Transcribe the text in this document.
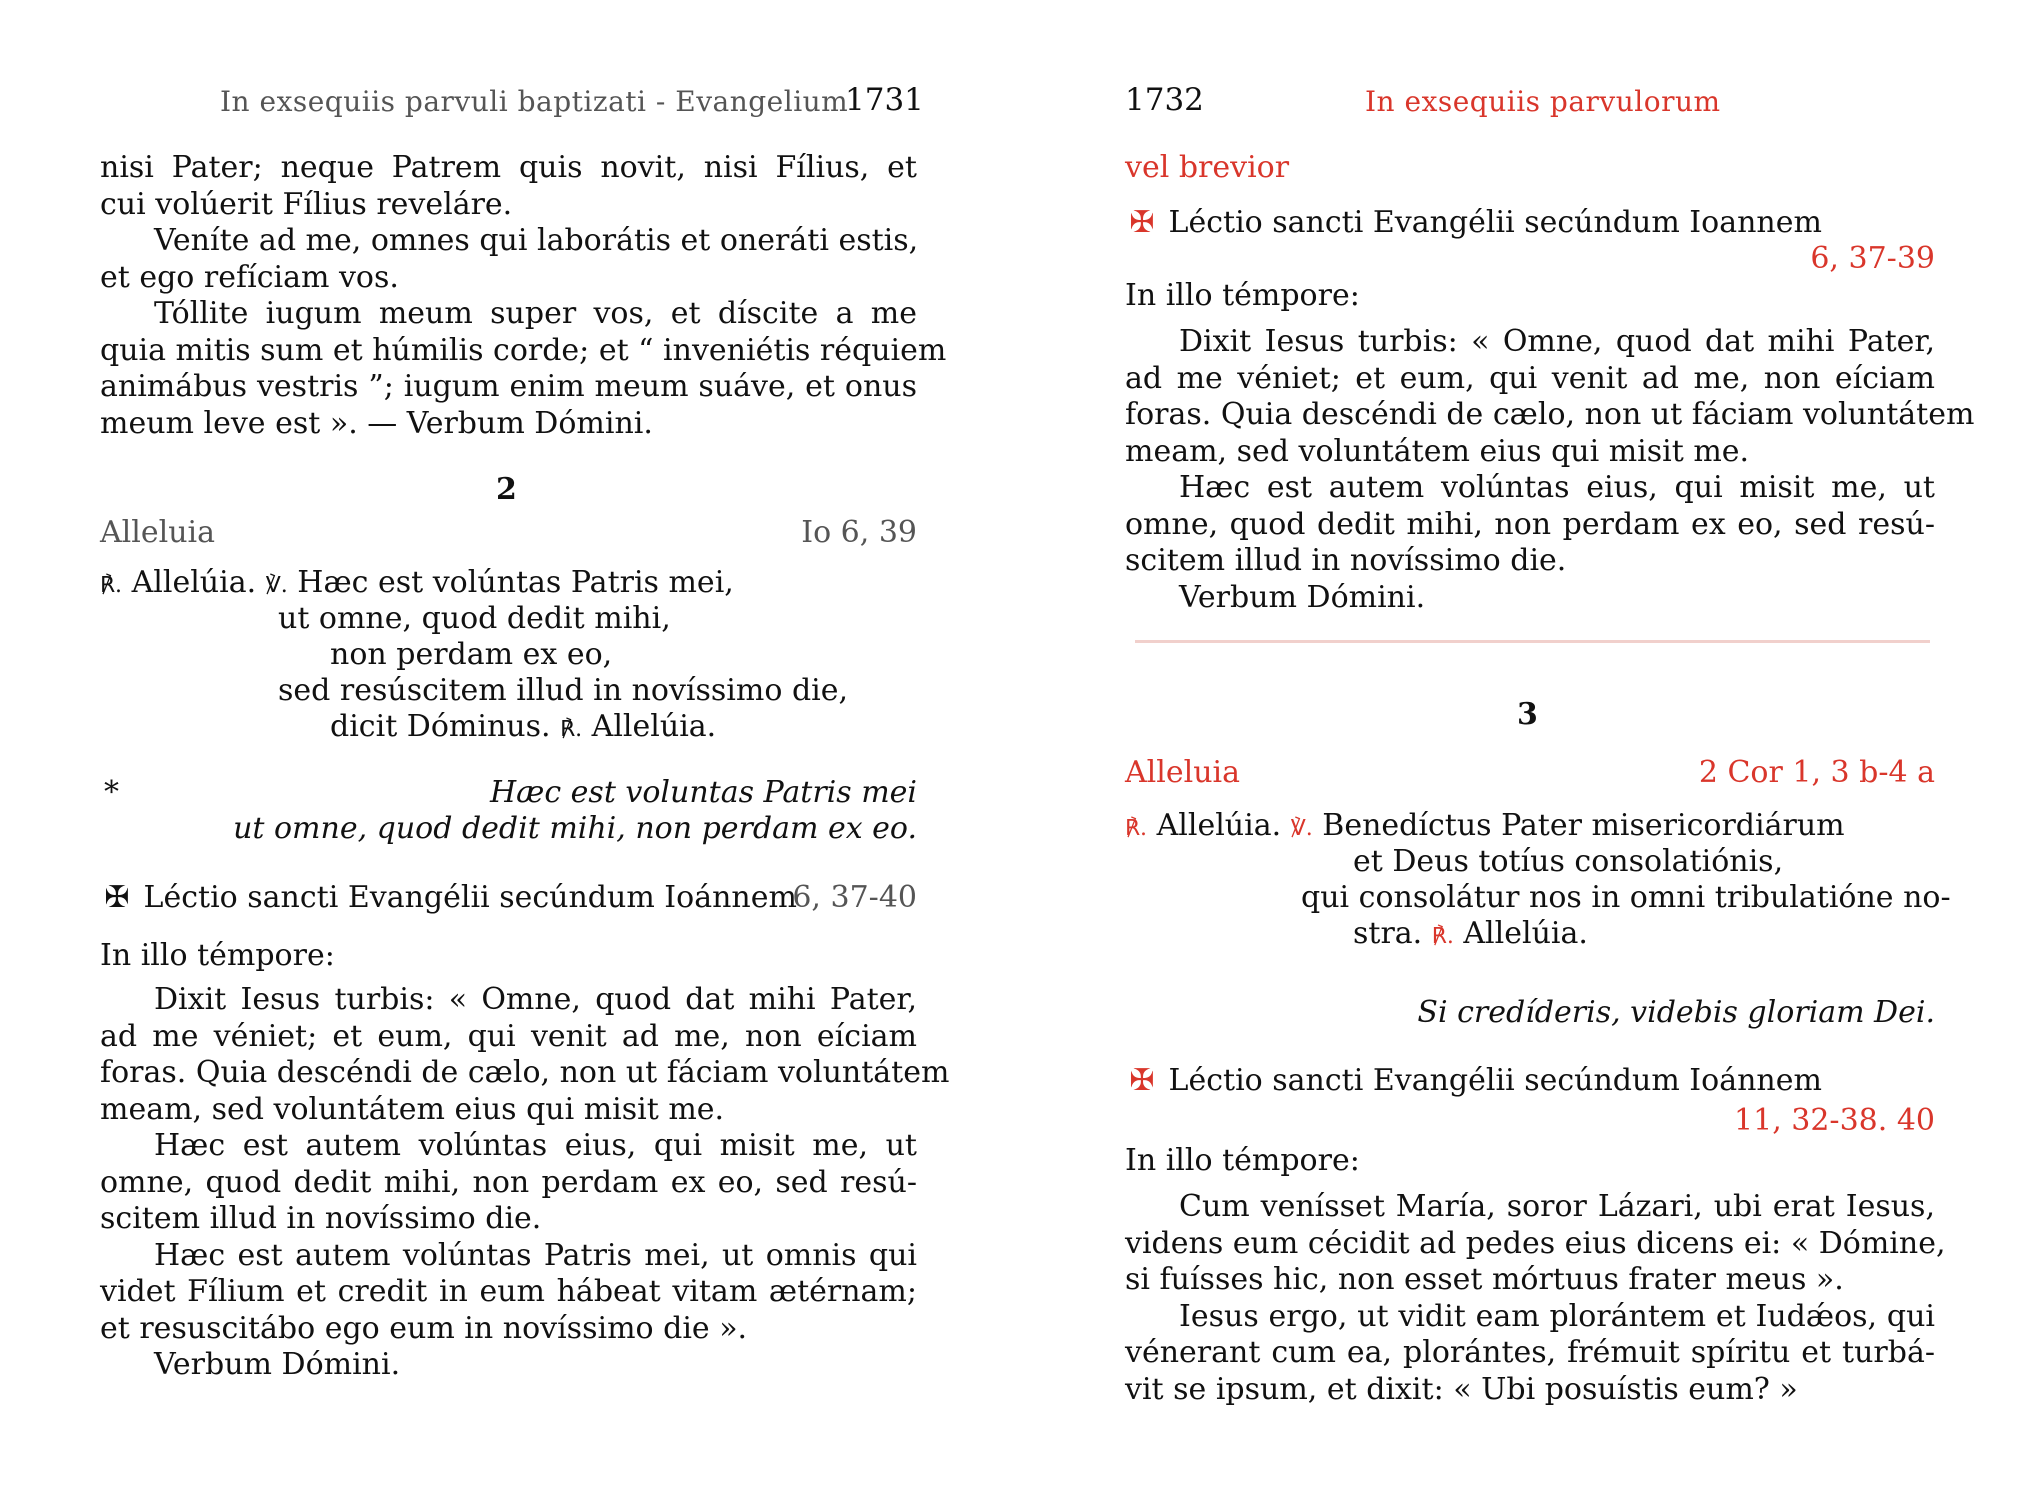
In exsequiis parvuli baptizati - Evangelium
1731
nisi Pater; neque Patrem quis novit, nisi Fílius, et
cui volúerit Fílius reveláre.
Veníte ad me, omnes qui laborátis et oneráti estis,
et ego refíciam vos.
Tóllite iugum meum super vos, et díscite a me
quia mitis sum et húmilis corde; et “ inveniétis réquiem
animábus vestris ”; iugum enim meum suáve, et onus
meum leve est ». — Verbum Dómini.
2
Alleluia	Io 6, 39
℟. Allelúia. ℣. Hæc est volúntas Patris mei,
ut omne, quod dedit mihi,
non perdam ex eo,
sed resúscitem illud in novíssimo die,
dicit Dóminus. ℟. Allelúia.
*	Hæc est voluntas Patris mei
ut omne, quod dedit mihi, non perdam ex eo.
✠ Léctio sancti Evangélii secúndum Ioánnem
6, 37-40
In illo témpore:
Dixit Iesus turbis: « Omne, quod dat mihi Pater,
ad me véniet; et eum, qui venit ad me, non eíciam
foras. Quia descéndi de cælo, non ut fáciam voluntátem
meam, sed voluntátem eius qui misit me.
Hæc est autem volúntas eius, qui misit me, ut
omne, quod dedit mihi, non perdam ex eo, sed resú-
scitem illud in novíssimo die.
Hæc est autem volúntas Patris mei, ut omnis qui
videt Fílium et credit in eum hábeat vitam ætérnam;
et resuscitábo ego eum in novíssimo die ».
Verbum Dómini.
1732	In exsequiis parvulorum
vel brevior
✠ Léctio sancti Evangélii secúndum Ioannem
6, 37-39
In illo témpore:
Dixit Iesus turbis: « Omne, quod dat mihi Pater,
ad me véniet; et eum, qui venit ad me, non eíciam
foras. Quia descéndi de cælo, non ut fáciam voluntátem
meam, sed voluntátem eius qui misit me.
Hæc est autem volúntas eius, qui misit me, ut
omne, quod dedit mihi, non perdam ex eo, sed resú-
scitem illud in novíssimo die.
Verbum Dómini.
3
Alleluia	2 Cor 1, 3 b-4 a
℟. Allelúia. ℣. Benedíctus Pater misericordiárum
et Deus totíus consolatiónis,
qui consolátur nos in omni tribulatióne no-
stra. ℟. Allelúia.
Si credíderis, videbis gloriam Dei.
✠ Léctio sancti Evangélii secúndum Ioánnem
11, 32-38. 40
In illo témpore:
Cum venísset María, soror Lázari, ubi erat Iesus,
videns eum cécidit ad pedes eius dicens ei: « Dómine,
si fuísses hic, non esset mórtuus frater meus ».
Iesus ergo, ut vidit eam plorántem et Iudǽos, qui
vénerant cum ea, plorántes, frémuit spíritu et turbá-
vit se ipsum, et dixit: « Ubi posuístis eum? »
